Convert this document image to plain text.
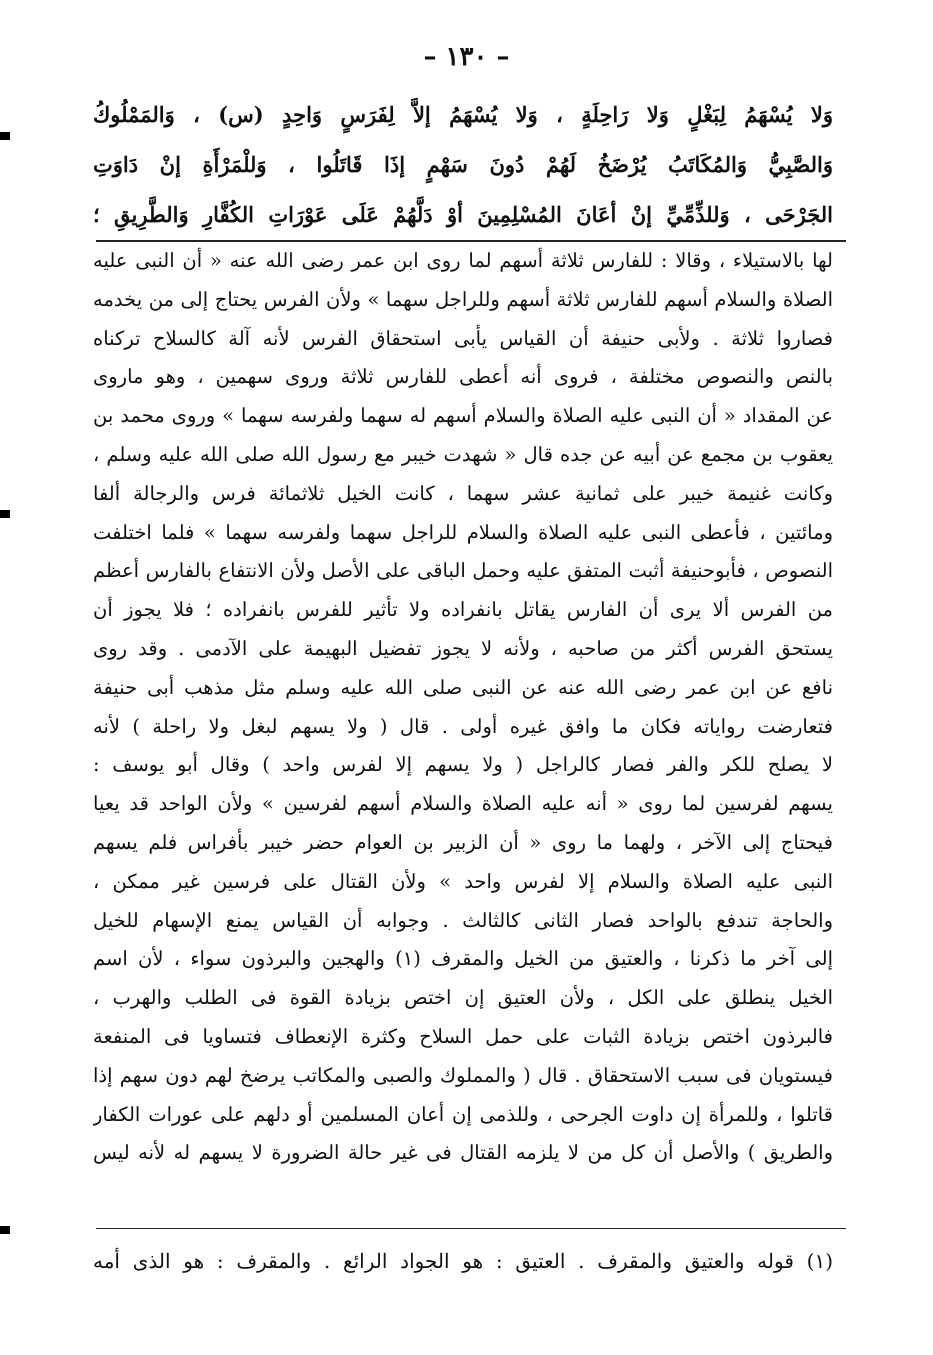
– ١٣٠ –
وَلا يُسْهَمُ لِبَغْلٍ وَلا رَاحِلَةٍ ، وَلا يُسْهَمُ إلاَّ لِفَرَسٍ وَاحِدٍ (س) ، وَالمَمْلُوكُ
وَالصَّبِيُّ وَالمُكَاتَبُ يُرْضَخُ لَهُمْ دُونَ سَهْمٍ إذَا قَاتَلُوا ، وَللْمَرْأَةِ إنْ دَاوَتِ
الجَرْحَى ، وَللذِّمِّيِّ إنْ أعَانَ المُسْلِمِينَ أوْ دَلَّهُمْ عَلَى عَوْرَاتِ الكُفَّارِ وَالطَّرِيقِ ؛
لها بالاستيلاء ، وقالا : للفارس ثلاثة أسهم لما روى ابن عمر رضى الله عنه « أن النبى عليه
الصلاة والسلام أسهم للفارس ثلاثة أسهم وللراجل سهما » ولأن الفرس يحتاج إلى من يخدمه
فصاروا ثلاثة . ولأبى حنيفة أن القياس يأبى استحقاق الفرس لأنه آلة كالسلاح تركناه
بالنص والنصوص مختلفة ، فروى أنه أعطى للفارس ثلاثة وروى سهمين ، وهو ماروى
عن المقداد « أن النبى عليه الصلاة والسلام أسهم له سهما ولفرسه سهما » وروى محمد بن
يعقوب بن مجمع عن أبيه عن جده قال « شهدت خيبر مع رسول الله صلى الله عليه وسلم ،
وكانت غنيمة خيبر على ثمانية عشر سهما ، كانت الخيل ثلاثمائة فرس والرجالة ألفا
ومائتين ، فأعطى النبى عليه الصلاة والسلام للراجل سهما ولفرسه سهما » فلما اختلفت
النصوص ، فأبوحنيفة أثبت المتفق عليه وحمل الباقى على الأصل ولأن الانتفاع بالفارس أعظم
من الفرس ألا يرى أن الفارس يقاتل بانفراده ولا تأثير للفرس بانفراده ؛ فلا يجوز أن
يستحق الفرس أكثر من صاحبه ، ولأنه لا يجوز تفضيل البهيمة على الآدمى . وقد روى
نافع عن ابن عمر رضى الله عنه عن النبى صلى الله عليه وسلم مثل مذهب أبى حنيفة
فتعارضت رواياته فكان ما وافق غيره أولى . قال ( ولا يسهم لبغل ولا راحلة ) لأنه
لا يصلح للكر والفر فصار كالراجل ( ولا يسهم إلا لفرس واحد ) وقال أبو يوسف :
يسهم لفرسين لما روى « أنه عليه الصلاة والسلام أسهم لفرسين » ولأن الواحد قد يعيا
فيحتاج إلى الآخر ، ولهما ما روى « أن الزبير بن العوام حضر خيبر بأفراس فلم يسهم
النبى عليه الصلاة والسلام إلا لفرس واحد » ولأن القتال على فرسين غير ممكن ،
والحاجة تندفع بالواحد فصار الثانى كالثالث . وجوابه أن القياس يمنع الإسهام للخيل
إلى آخر ما ذكرنا ، والعتيق من الخيل والمقرف (١) والهجين والبرذون سواء ، لأن اسم
الخيل ينطلق على الكل ، ولأن العتيق إن اختص بزيادة القوة فى الطلب والهرب ،
فالبرذون اختص بزيادة الثبات على حمل السلاح وكثرة الإنعطاف فتساويا فى المنفعة
فيستويان فى سبب الاستحقاق . قال ( والمملوك والصبى والمكاتب يرضخ لهم دون سهم إذا
قاتلوا ، وللمرأة إن داوت الجرحى ، وللذمى إن أعان المسلمين أو دلهم على عورات الكفار
والطريق ) والأصل أن كل من لا يلزمه القتال فى غير حالة الضرورة لا يسهم له لأنه ليس
(١) قوله والعتيق والمقرف . العتيق : هو الجواد الرائع . والمقرف : هو الذى أمه
